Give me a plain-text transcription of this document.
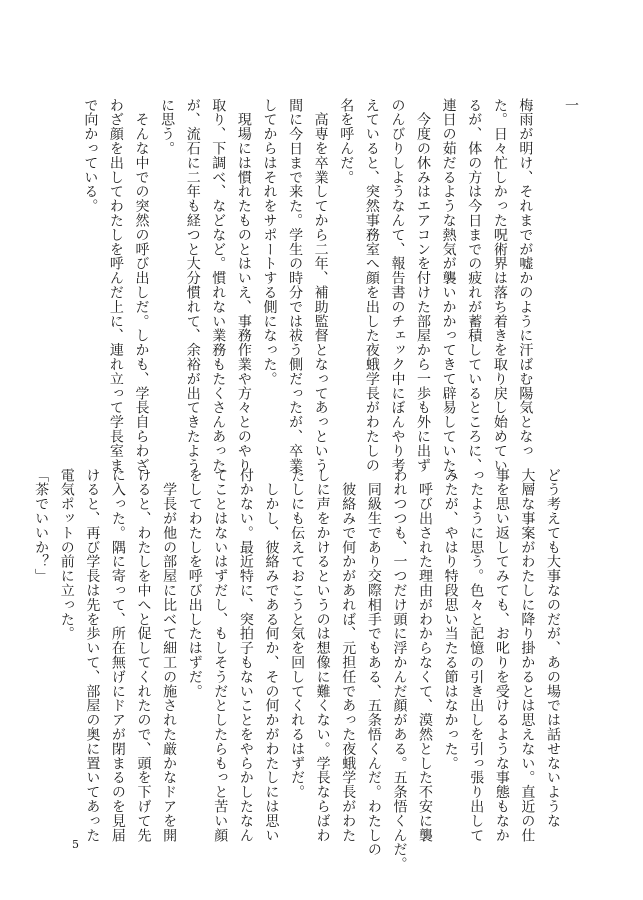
一
梅雨が明け、それまでが嘘かのように汗ばむ陽気となっ
た。日々忙しかった呪術界は落ち着きを取り戻し始めてい
るが、体の方は今日までの疲れが蓄積しているところに、
連日の茹だるような熱気が襲いかかってきて辟易していた。
　今度の休みはエアコンを付けた部屋から一歩も外に出ず
のんびりしようなんて、報告書のチェック中にぼんやり考
えていると、突然事務室へ顔を出した夜蛾学長がわたしの
名を呼んだ。
　高専を卒業してから二年、補助監督となってあっという
間に今日まで来た。学生の時分では祓う側だったが、卒業
してからはそれをサポートする側になった。
　現場には慣れたものとはいえ、事務作業や方々とのやり
取り、下調べ、などなど。慣れない業務もたくさんあった
が、流石に二年も経つと大分慣れて、余裕が出てきたよう
に思う。
　そんな中での突然の呼び出しだ。しかも、学長自らわざ
わざ顔を出してわたしを呼んだ上に、連れ立って学長室ま
で向かっている。
どう考えても大事なのだが、あの場では話せないような
大層な事案がわたしに降り掛かるとは思えない。直近の仕
事を思い返してみても、お叱りを受けるような事態もなか
ったように思う。色々と記憶の引き出しを引っ張り出して
みたが、やはり特段思い当たる節はなかった。
　呼び出された理由がわからなくて、漠然とした不安に襲
われつつも、一つだけ頭に浮かんだ顔がある。五条悟くんだ。
　同級生であり交際相手でもある、五条悟くんだ。わたしの
　彼絡みで何かがあれば、元担任であった夜蛾学長がわた
しに声をかけるというのは想像に難くない。学長ならばわ
たしにも伝えておこうと気を回してくれるはずだ。
　しかし、彼絡みである何か、その何かがわたしには思い
付かない。最近特に、突拍子もないことをやらかしたなん
てことはないはずだし、もしそうだとしたらもっと苦い顔
をしてわたしを呼び出したはずだ。
　学長が他の部屋に比べて細工の施された厳かなドアを開
けると、わたしを中へと促してくれたので、頭を下げて先
に入った。隅に寄って、所在無げにドアが閉まるのを見届
けると、再び学長は先を歩いて、部屋の奥に置いてあった
電気ポットの前に立った。
「茶でいいか？」
5
